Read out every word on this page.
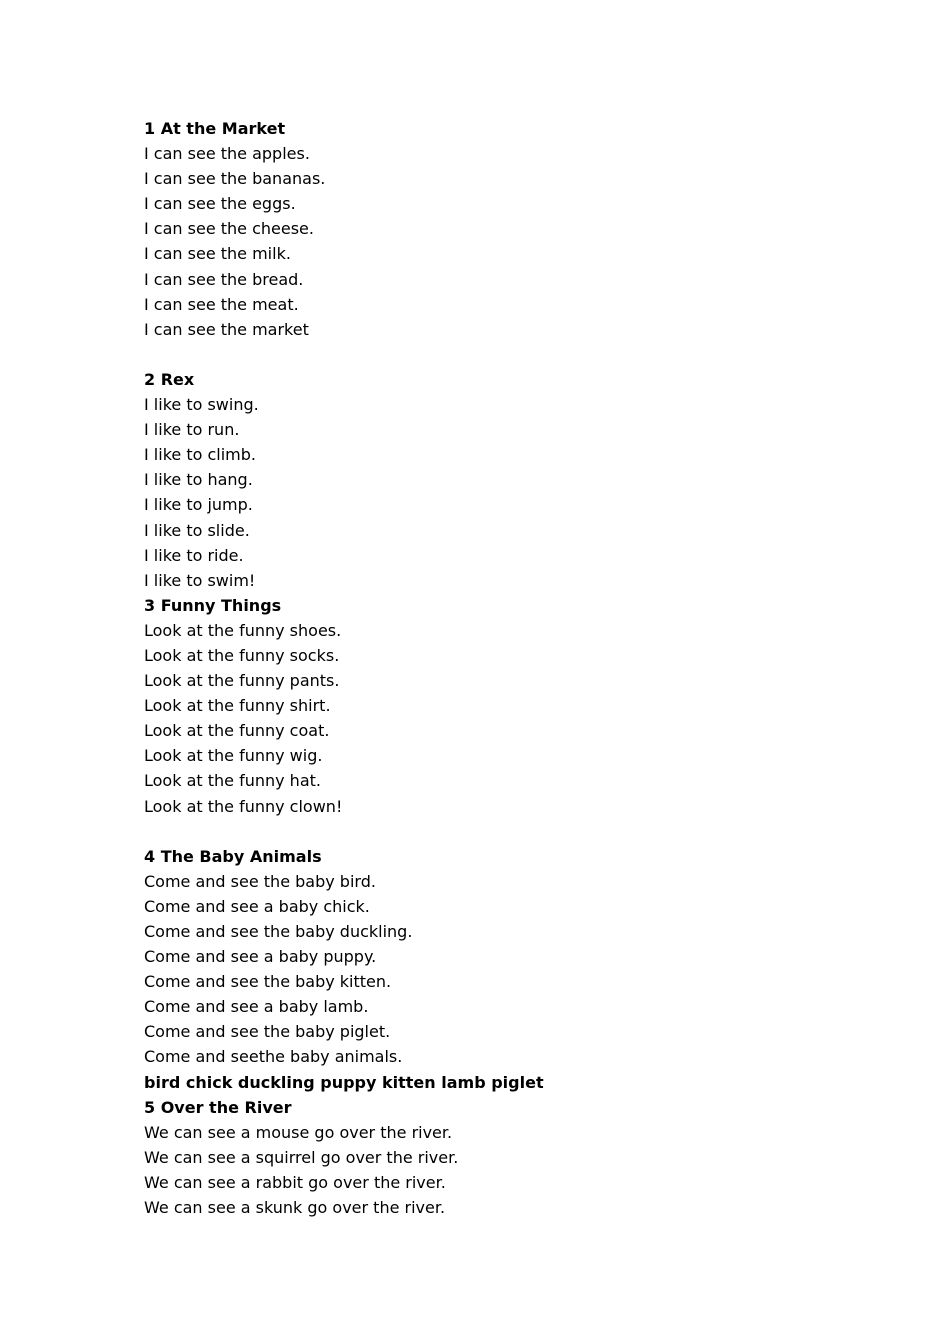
1 At the Market
I can see the apples.
I can see the bananas.
I can see the eggs.
I can see the cheese.
I can see the milk.
I can see the bread.
I can see the meat.
I can see the market
2 Rex
I like to swing.
I like to run.
I like to climb.
I like to hang.
I like to jump.
I like to slide.
I like to ride.
I like to swim!
3 Funny Things
Look at the funny shoes.
Look at the funny socks.
Look at the funny pants.
Look at the funny shirt.
Look at the funny coat.
Look at the funny wig.
Look at the funny hat.
Look at the funny clown!
4 The Baby Animals
Come and see the baby bird.
Come and see a baby chick.
Come and see the baby duckling.
Come and see a baby puppy.
Come and see the baby kitten.
Come and see a baby lamb.
Come and see the baby piglet.
Come and seethe baby animals.
bird chick duckling puppy kitten lamb piglet
5 Over the River
We can see a mouse go over the river.
We can see a squirrel go over the river.
We can see a rabbit go over the river.
We can see a skunk go over the river.
